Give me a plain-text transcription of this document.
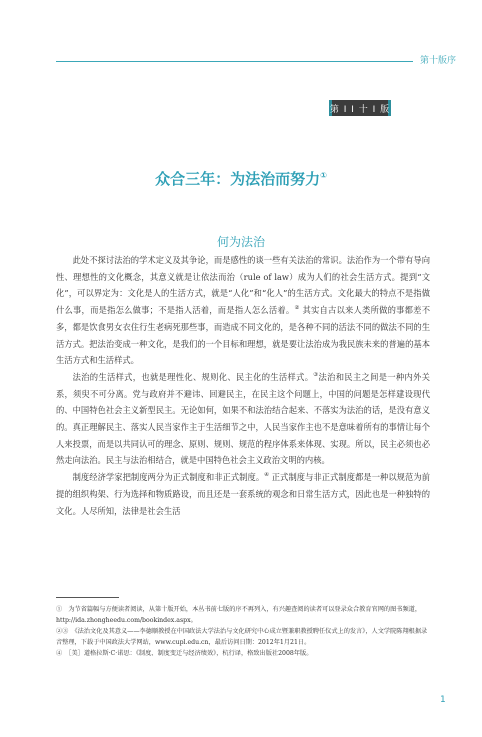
第十版序
第 Ⅰ Ⅰ 十 Ⅰ 版
众合三年：为法治而努力①
何为法治

此处不探讨法治的学术定义及其争论，而是感性的谈一些有关法治的常识。法治作为一个带有导向性、理想性的文化概念，其意义就是让依法而治（rule of law）成为人们的社会生活方式。提到“文化”，可以界定为：文化是人的生活方式，就是“人化”和“化人”的生活方式。文化最大的特点不是指做什么事，而是指怎么做事；不是指人活着，而是指人怎么活着。② 其实自古以来人类所做的事都差不多，都是饮食男女衣住行生老病死那些事，而造成不同文化的，是各种不同的活法不同的做法不同的生活方式。把法治变成一种文化，是我们的一个目标和理想，就是要让法治成为我民族未来的普遍的基本生活方式和生活样式。

法治的生活样式，也就是理性化、规则化、民主化的生活样式。③法治和民主之间是一种内外关系，须臾不可分离。党与政府并不避讳、回避民主，在民主这个问题上，中国的问题是怎样建设现代的、中国特色社会主义新型民主。无论如何，如果不和法治结合起来、不落实为法治的话，是没有意义的。真正理解民主、落实人民当家作主于生活细节之中，人民当家作主也不是意味着所有的事情让每个人来投票，而是以共同认可的理念、原则、规则、规范的程序体系来体现、实现。所以，民主必须也必然走向法治。民主与法治相结合，就是中国特色社会主义政治文明的内核。

制度经济学家把制度两分为正式制度和非正式制度。④ 正式制度与非正式制度都是一种以规范为前提的组织构架、行为选择和物质路设，而且还是一套系统的观念和日常生活方式，因此也是一种独特的文化。人尽所知，法律是社会生活

①　为节省篇幅与方便读者阅读，从第十版开始，本丛书前七版的序不再列入，有兴趣查阅的读者可以登录众合教育官网的图书频道，http://ida.zhongheedu.com/bookindex.aspx。

②③　《法治文化及其意义——李德顺教授在中国政法大学法治与文化研究中心成立暨兼职教授聘任仪式上的发言》，人文学院陈翔根据录音整理，下载于中国政法大学网站，www.cupl.edu.cn，最后访问日期：2012年1月21日。

④　［美］道格拉斯·C·诺思：《制度、制度变迁与经济绩效》，杭行译，格致出版社2008年版。

1
